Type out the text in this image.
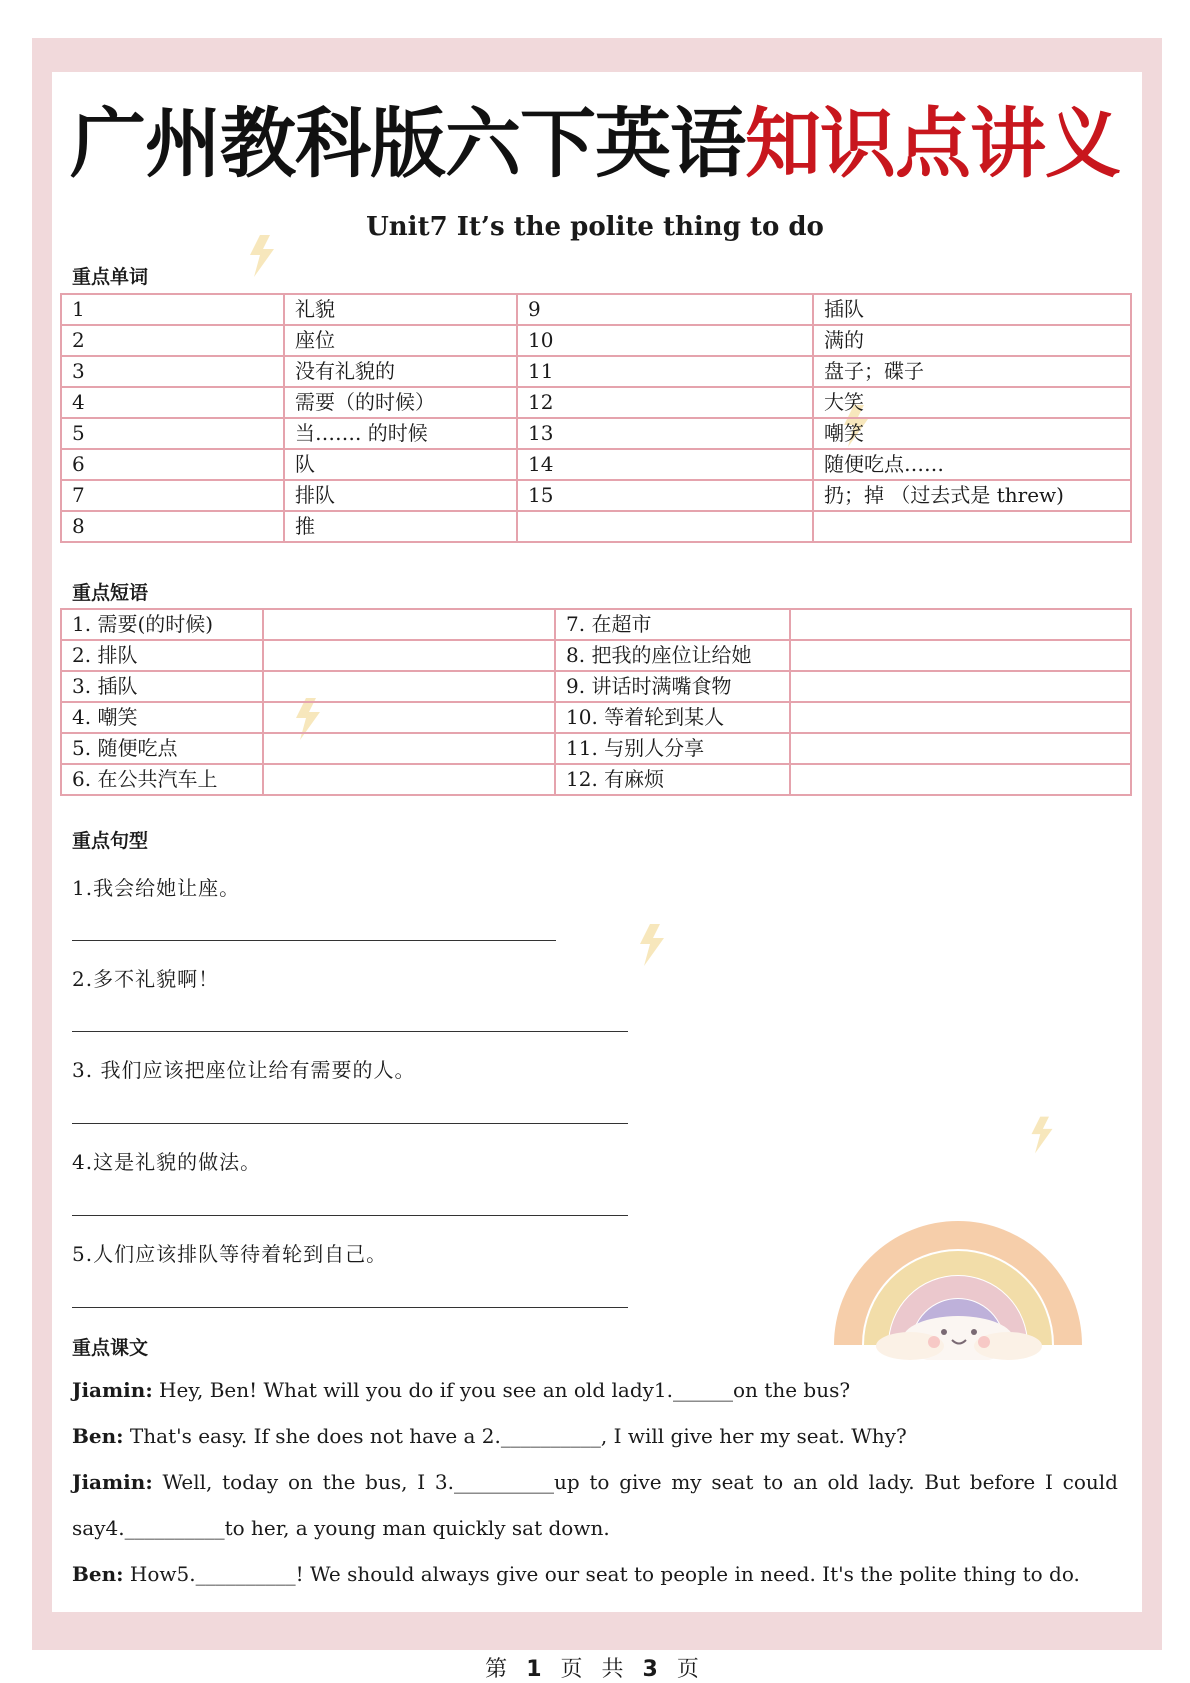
广州教科版六下英语知识点讲义
Unit7 It’s the polite thing to do
重点单词
1	礼貌	9	插队
2	座位	10	满的
3	没有礼貌的	11	盘子；碟子
4	需要（的时候）	12	大笑
5	当……. 的时候	13	嘲笑
6	队	14	随便吃点……
7	排队	15	扔；掉 （过去式是 threw)
8	推		
重点短语
1. 需要(的时候)		7. 在超市	
2. 排队		8. 把我的座位让给她	
3. 插队		9. 讲话时满嘴食物	
4. 嘲笑		10. 等着轮到某人	
5. 随便吃点		11. 与别人分享	
6. 在公共汽车上		12. 有麻烦	
重点句型
1.我会给她让座。
2.多不礼貌啊！
3. 我们应该把座位让给有需要的人。
4.这是礼貌的做法。
5.人们应该排队等待着轮到自己。
重点课文
Jiamin: Hey, Ben! What will you do if you see an old lady1.______on the bus?
Ben: That's easy. If she does not have a 2.__________, I will give her my seat. Why?
Jiamin: Well, today on the bus, I 3.__________up to give my seat to an old lady. But before I could
say4.__________to her, a young man quickly sat down.
Ben: How5.__________! We should always give our seat to people in need. It's the polite thing to do.
第 1 页 共 3 页
